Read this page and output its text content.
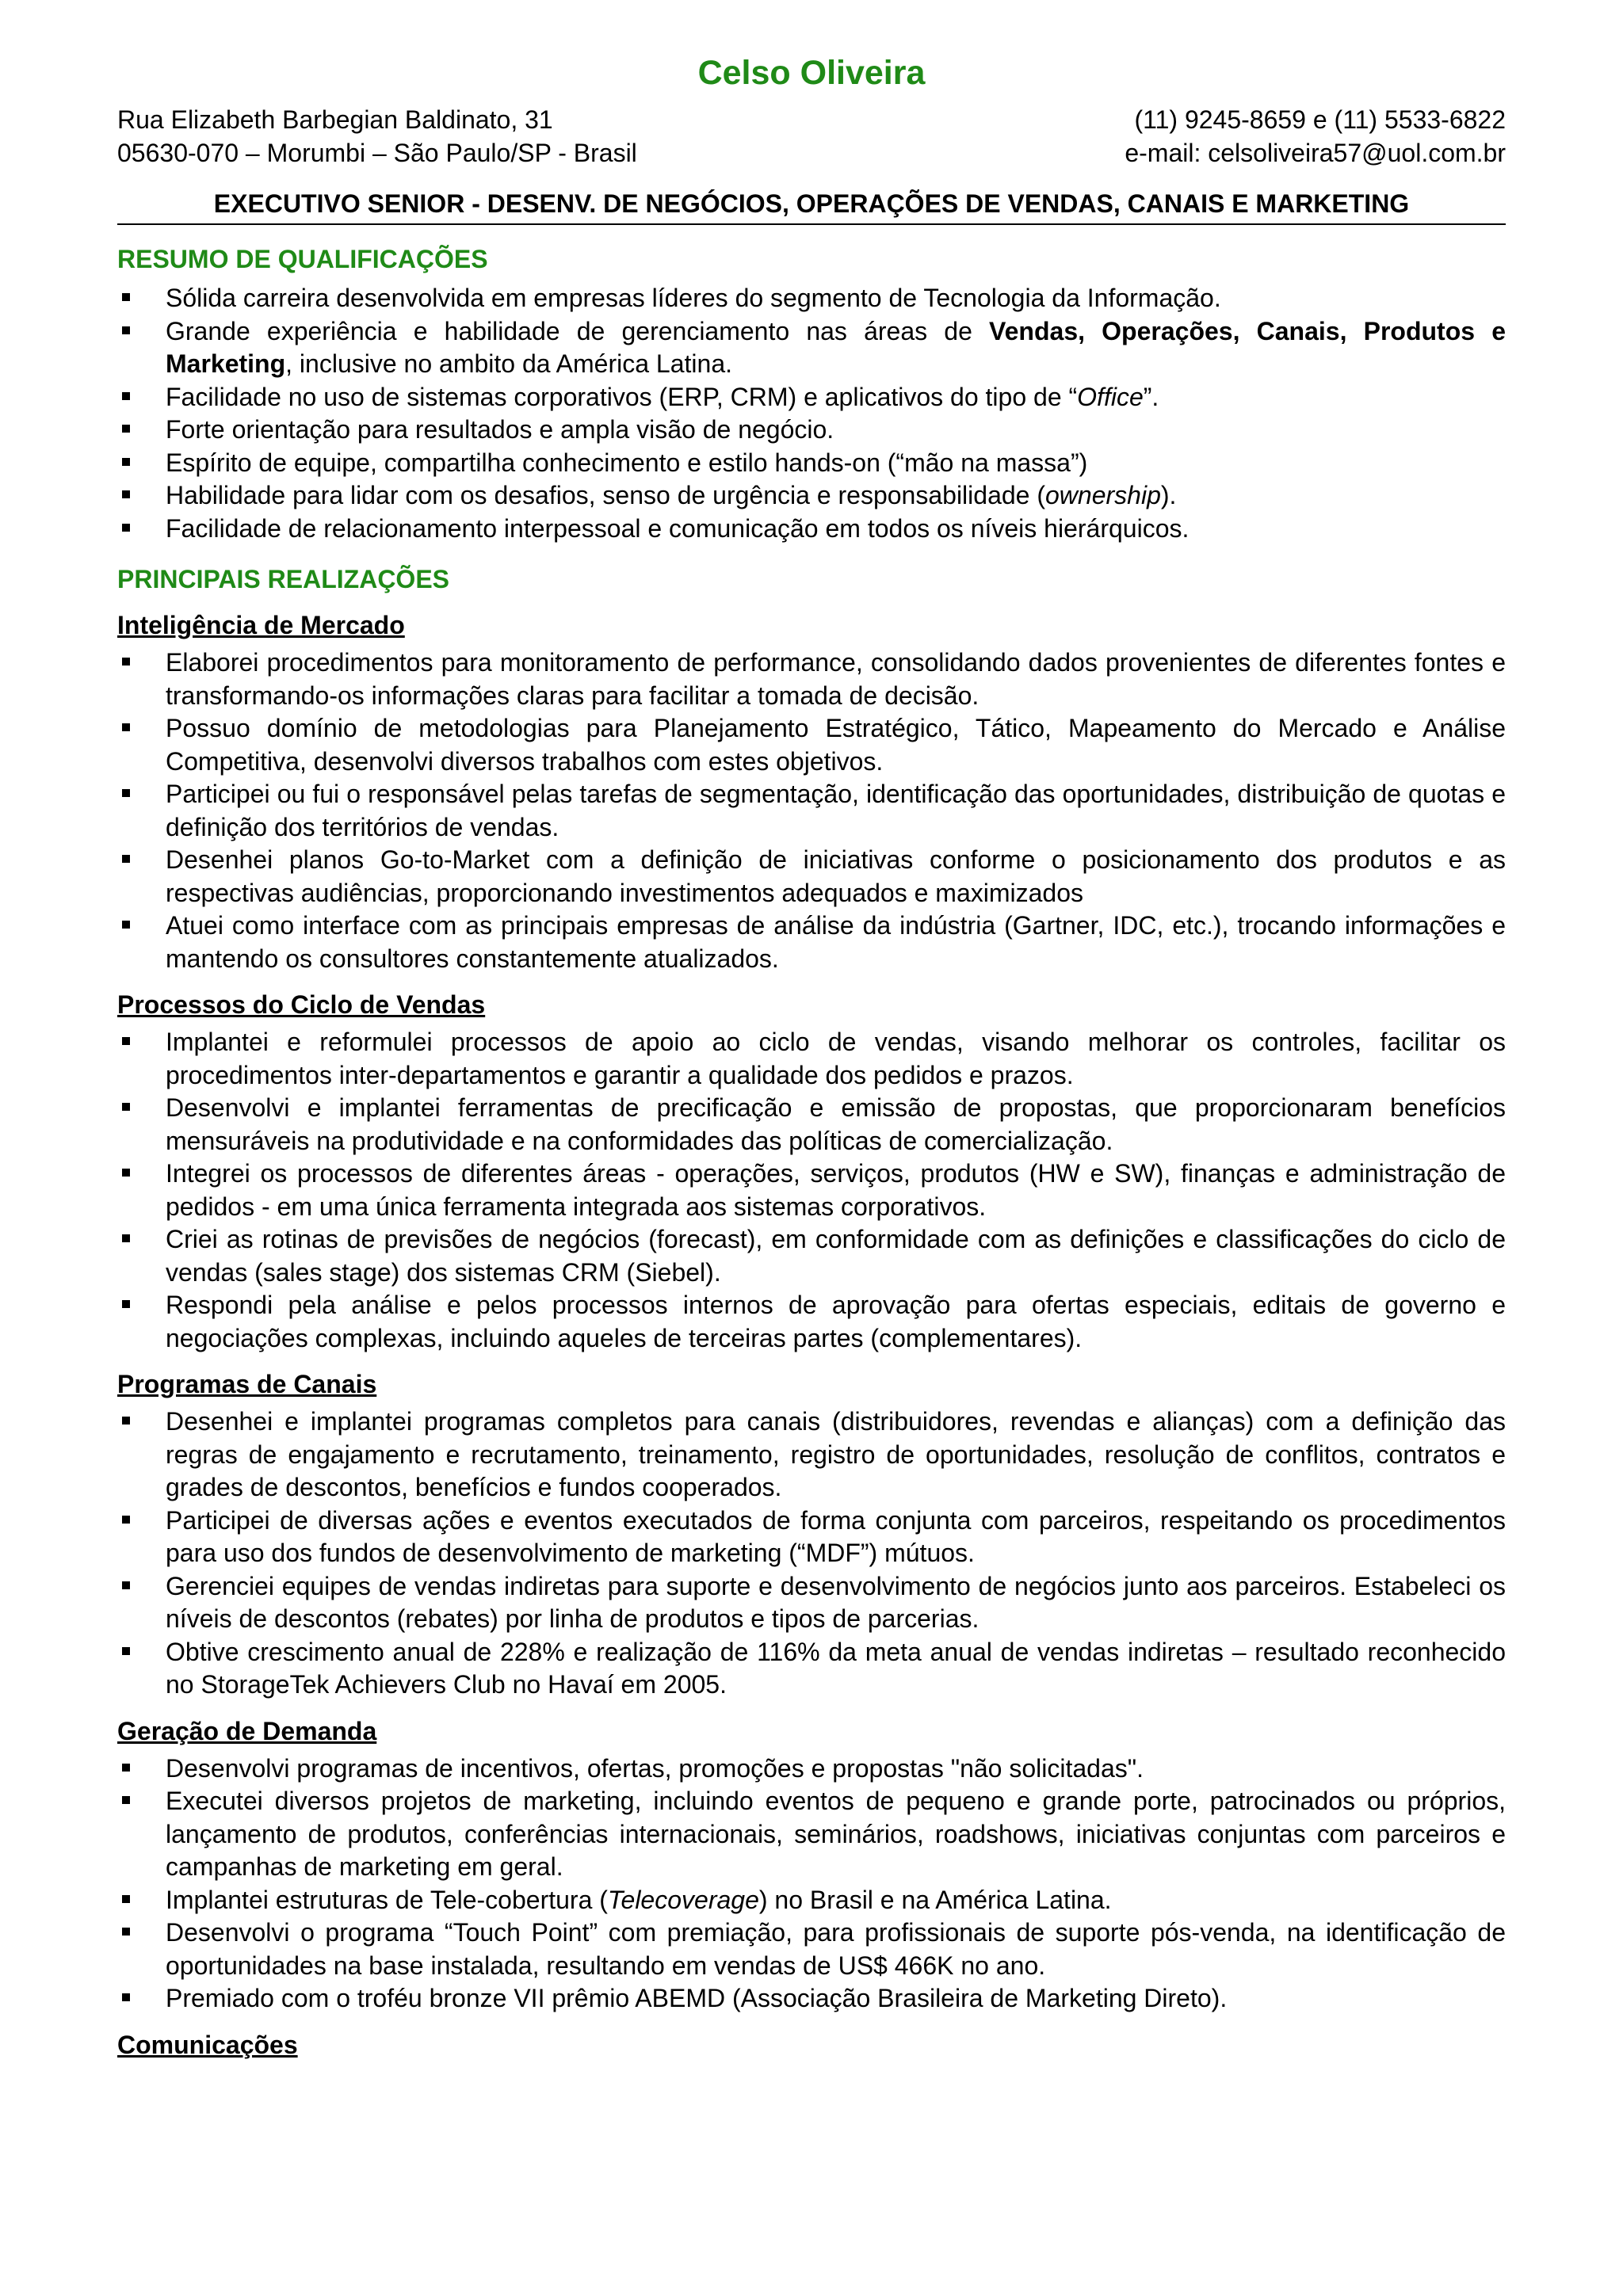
Celso Oliveira
Rua Elizabeth Barbegian Baldinato, 31	(11) 9245-8659 e (11) 5533-6822
05630-070 – Morumbi – São Paulo/SP - Brasil	e-mail: celsoliveira57@uol.com.br
EXECUTIVO SENIOR - DESENV. DE NEGÓCIOS, OPERAÇÕES DE VENDAS, CANAIS E MARKETING
RESUMO DE QUALIFICAÇÕES
Sólida carreira desenvolvida em empresas líderes do segmento de Tecnologia da Informação.
Grande experiência e habilidade de gerenciamento nas áreas de Vendas, Operações, Canais, Produtos e Marketing, inclusive no ambito da América Latina.
Facilidade no uso de sistemas corporativos (ERP, CRM) e aplicativos do tipo de “Office”.
Forte orientação para resultados e ampla visão de negócio.
Espírito de equipe, compartilha conhecimento e estilo hands-on (“mão na massa”)
Habilidade para lidar com os desafios, senso de urgência e responsabilidade (ownership).
Facilidade de relacionamento interpessoal e comunicação em todos os níveis hierárquicos.
PRINCIPAIS REALIZAÇÕES
Inteligência de Mercado
Elaborei procedimentos para monitoramento de performance, consolidando dados provenientes de diferentes fontes e transformando-os informações claras para facilitar a tomada de decisão.
Possuo domínio de metodologias para Planejamento Estratégico, Tático, Mapeamento do Mercado e Análise Competitiva, desenvolvi diversos trabalhos com estes objetivos.
Participei ou fui o responsável pelas tarefas de segmentação, identificação das oportunidades, distribuição de quotas e definição dos territórios de vendas.
Desenhei planos Go-to-Market com a definição de iniciativas conforme o posicionamento dos produtos e as respectivas audiências, proporcionando investimentos adequados e maximizados
Atuei como interface com as principais empresas de análise da indústria (Gartner, IDC, etc.), trocando informações e mantendo os consultores constantemente atualizados.
Processos do Ciclo de Vendas
Implantei e reformulei processos de apoio ao ciclo de vendas, visando melhorar os controles, facilitar os procedimentos inter-departamentos e garantir a qualidade dos pedidos e prazos.
Desenvolvi e implantei ferramentas de precificação e emissão de propostas, que proporcionaram benefícios mensuráveis na produtividade e na conformidades das políticas de comercialização.
Integrei os processos de diferentes áreas - operações, serviços, produtos (HW e SW), finanças e administração de pedidos - em uma única ferramenta integrada aos sistemas corporativos.
Criei as rotinas de previsões de negócios (forecast), em conformidade com as definições e classificações do ciclo de vendas (sales stage) dos sistemas CRM (Siebel).
Respondi pela análise e pelos processos internos de aprovação para ofertas especiais, editais de governo e negociações complexas, incluindo aqueles de terceiras partes (complementares).
Programas de Canais
Desenhei e implantei programas completos para canais (distribuidores, revendas e alianças) com a definição das regras de engajamento e recrutamento, treinamento, registro de oportunidades, resolução de conflitos, contratos e grades de descontos, benefícios e fundos cooperados.
Participei de diversas ações e eventos executados de forma conjunta com parceiros, respeitando os procedimentos para uso dos fundos de desenvolvimento de marketing (“MDF”) mútuos.
Gerenciei equipes de vendas indiretas para suporte e desenvolvimento de negócios junto aos parceiros. Estabeleci os níveis de descontos (rebates) por linha de produtos e tipos de parcerias.
Obtive crescimento anual de 228% e realização de 116% da meta anual de vendas indiretas – resultado reconhecido no StorageTek Achievers Club no Havaí em 2005.
Geração de Demanda
Desenvolvi programas de incentivos, ofertas, promoções e propostas "não solicitadas".
Executei diversos projetos de marketing, incluindo eventos de pequeno e grande porte, patrocinados ou próprios, lançamento de produtos, conferências internacionais, seminários, roadshows, iniciativas conjuntas com parceiros e campanhas de marketing em geral.
Implantei estruturas de Tele-cobertura (Telecoverage) no Brasil e na América Latina.
Desenvolvi o programa “Touch Point” com premiação, para profissionais de suporte pós-venda, na identificação de oportunidades na base instalada, resultando em vendas de US$ 466K no ano.
Premiado com o troféu bronze VII prêmio ABEMD (Associação Brasileira de Marketing Direto).
Comunicações
